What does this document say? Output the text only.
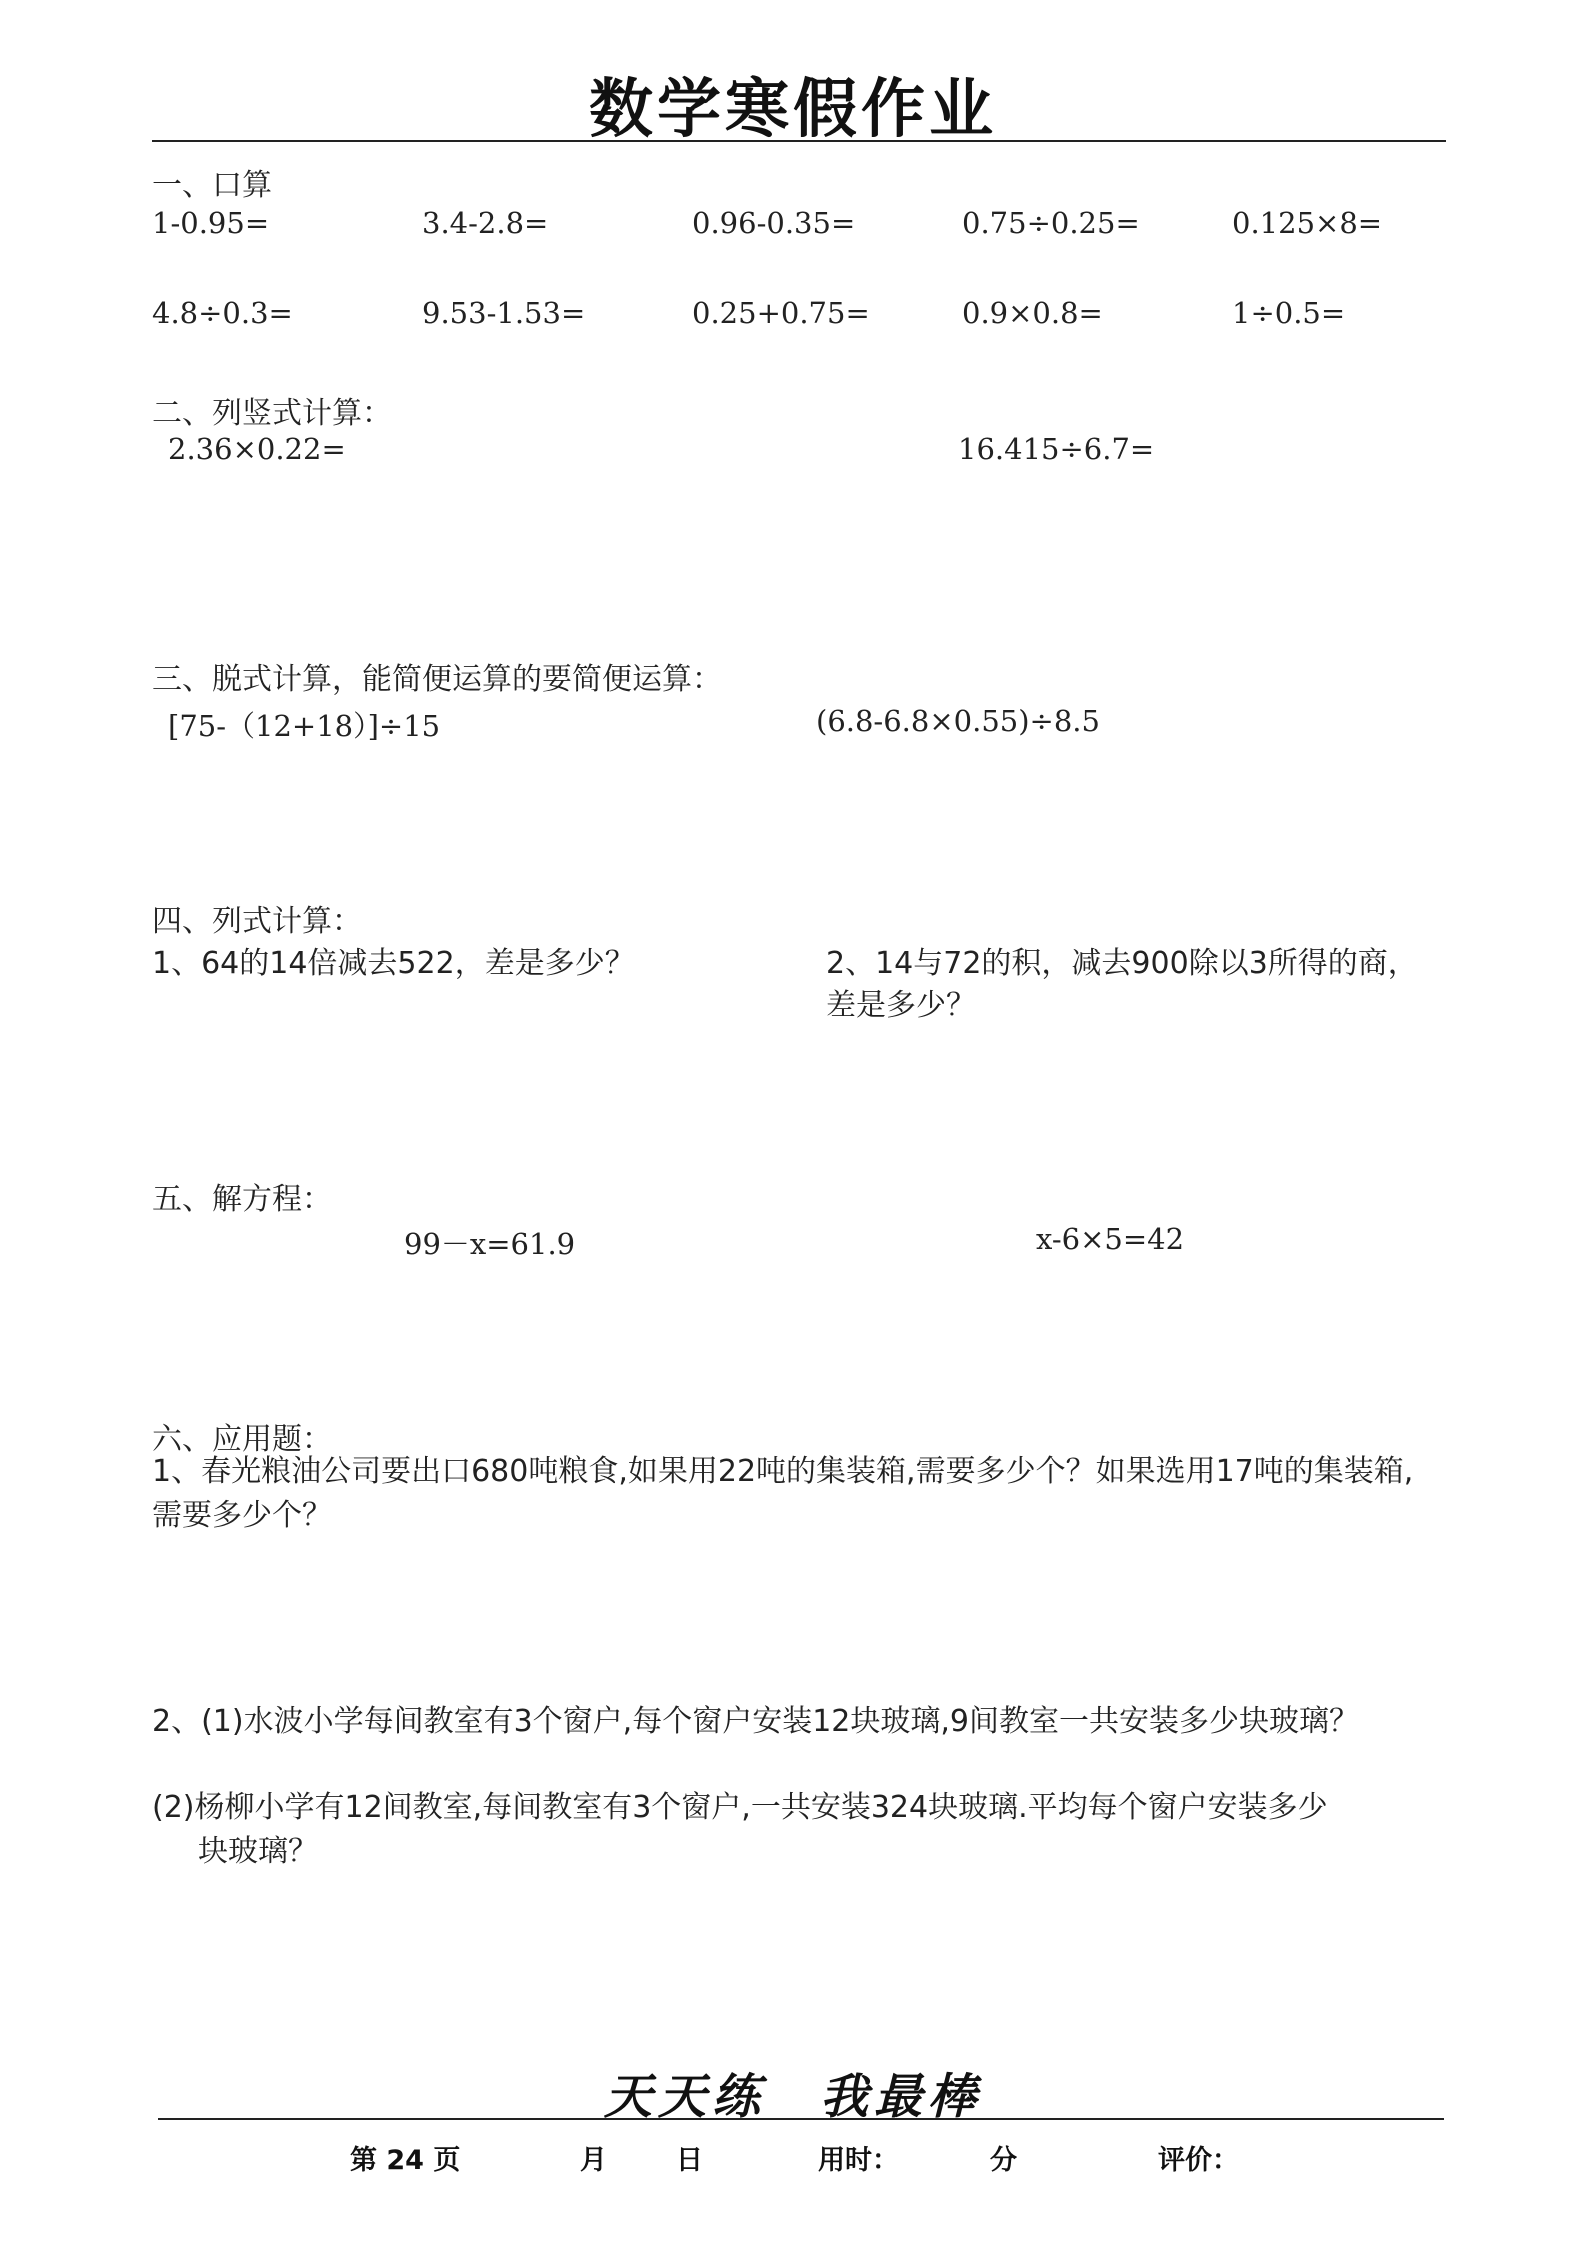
数学寒假作业
一、口算
1-0.95=	3.4-2.8=	0.96-0.35=	0.75÷0.25=	0.125×8=
4.8÷0.3=	9.53-1.53=	0.25+0.75=	0.9×0.8=	1÷0.5=
二、列竖式计算：
2.36×0.22=	16.415÷6.7=
三、脱式计算，能简便运算的要简便运算：
[75-（12+18）]÷15	(6.8-6.8×0.55)÷8.5
四、列式计算：
1、64的14倍减去522，差是多少？	2、14与72的积，减去900除以3所得的商，
差是多少？
五、解方程：
99－x=61.9	x-6×5=42
六、应用题：
1、春光粮油公司要出口680吨粮食,如果用22吨的集装箱,需要多少个？如果选用17吨的集装箱,需要多少个？
2、(1)水波小学每间教室有3个窗户,每个窗户安装12块玻璃,9间教室一共安装多少块玻璃？
(2)杨柳小学有12间教室,每间教室有3个窗户,一共安装324块玻璃.平均每个窗户安装多少
块玻璃？
天天练　我最棒
第 24 页	月	日	用时：	分	评价：
